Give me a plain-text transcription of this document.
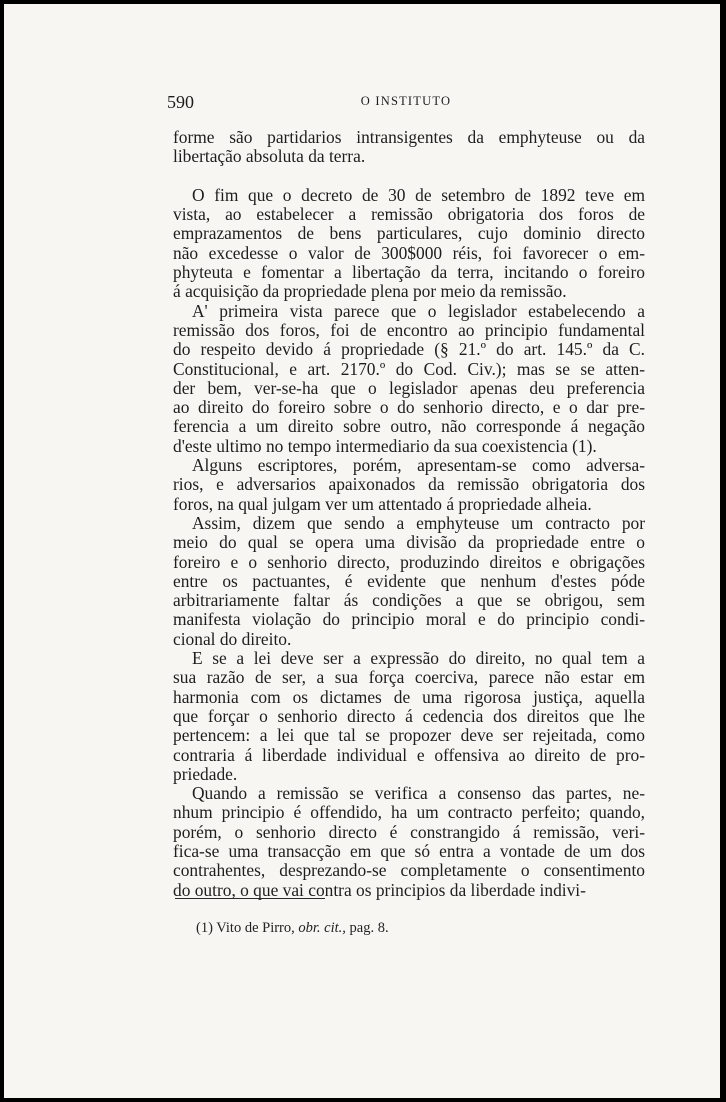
590	O INSTITUTO
forme são partidarios intransigentes da emphyteuse ou da
libertação absoluta da terra.
O fim que o decreto de 30 de setembro de 1892 teve em
vista, ao estabelecer a remissão obrigatoria dos foros de
emprazamentos de bens particulares, cujo dominio directo
não excedesse o valor de 300$000 réis, foi favorecer o em-
phyteuta e fomentar a libertação da terra, incitando o foreiro
á acquisição da propriedade plena por meio da remissão.
A' primeira vista parece que o legislador estabelecendo a
remissão dos foros, foi de encontro ao principio fundamental
do respeito devido á propriedade (§ 21.º do art. 145.º da C.
Constitucional, e art. 2170.º do Cod. Civ.); mas se se atten-
der bem, ver-se-ha que o legislador apenas deu preferencia
ao direito do foreiro sobre o do senhorio directo, e o dar pre-
ferencia a um direito sobre outro, não corresponde á negação
d'este ultimo no tempo intermediario da sua coexistencia (1).
Alguns escriptores, porém, apresentam-se como adversa-
rios, e adversarios apaixonados da remissão obrigatoria dos
foros, na qual julgam ver um attentado á propriedade alheia.
Assim, dizem que sendo a emphyteuse um contracto por
meio do qual se opera uma divisão da propriedade entre o
foreiro e o senhorio directo, produzindo direitos e obrigações
entre os pactuantes, é evidente que nenhum d'estes póde
arbitrariamente faltar ás condições a que se obrigou, sem
manifesta violação do principio moral e do principio condi-
cional do direito.
E se a lei deve ser a expressão do direito, no qual tem a
sua razão de ser, a sua força coerciva, parece não estar em
harmonia com os dictames de uma rigorosa justiça, aquella
que forçar o senhorio directo á cedencia dos direitos que lhe
pertencem: a lei que tal se propozer deve ser rejeitada, como
contraria á liberdade individual e offensiva ao direito de pro-
priedade.
Quando a remissão se verifica a consenso das partes, ne-
nhum principio é offendido, ha um contracto perfeito; quando,
porém, o senhorio directo é constrangido á remissão, veri-
fica-se uma transacção em que só entra a vontade de um dos
contrahentes, desprezando-se completamente o consentimento
do outro, o que vai contra os principios da liberdade indivi-
(1) Vito de Pirro, obr. cit., pag. 8.
